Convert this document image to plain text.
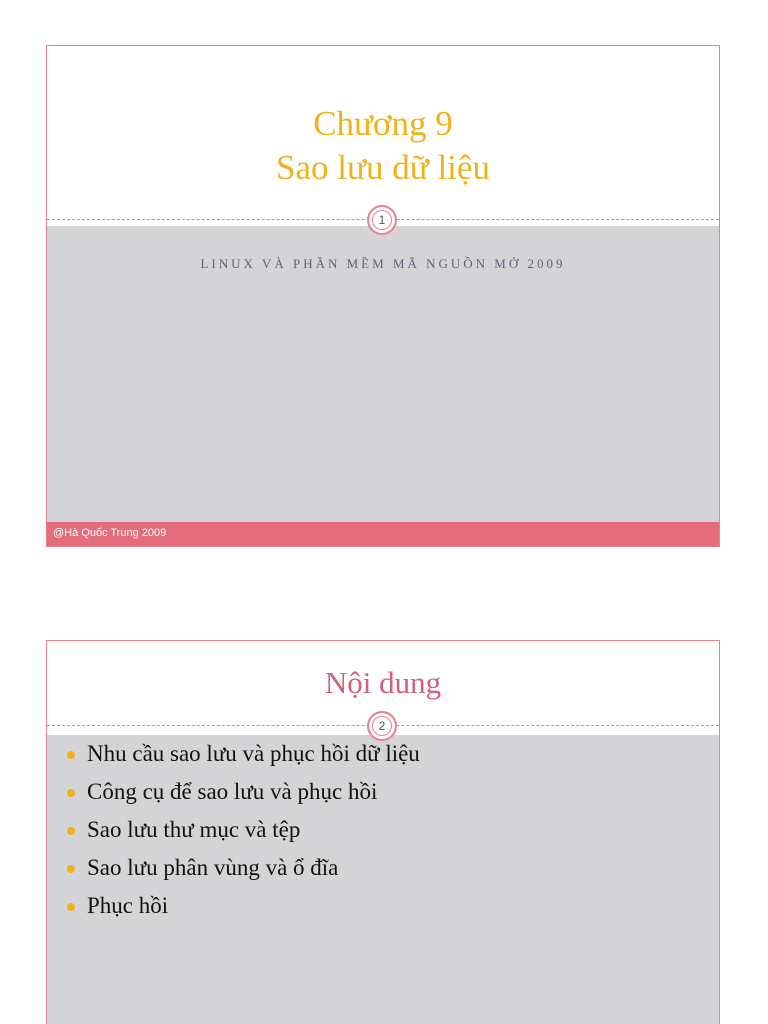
Chương 9
Sao lưu dữ liệu
1
LINUX VÀ PHẦN MỀM MÃ NGUỒN MỞ 2009
@Hà Quốc Trung 2009
Nội dung
2
Nhu cầu sao lưu và phục hồi dữ liệu
Công cụ để sao lưu và phục hồi
Sao lưu thư mục và tệp
Sao lưu phân vùng và ổ đĩa
Phục hồi
